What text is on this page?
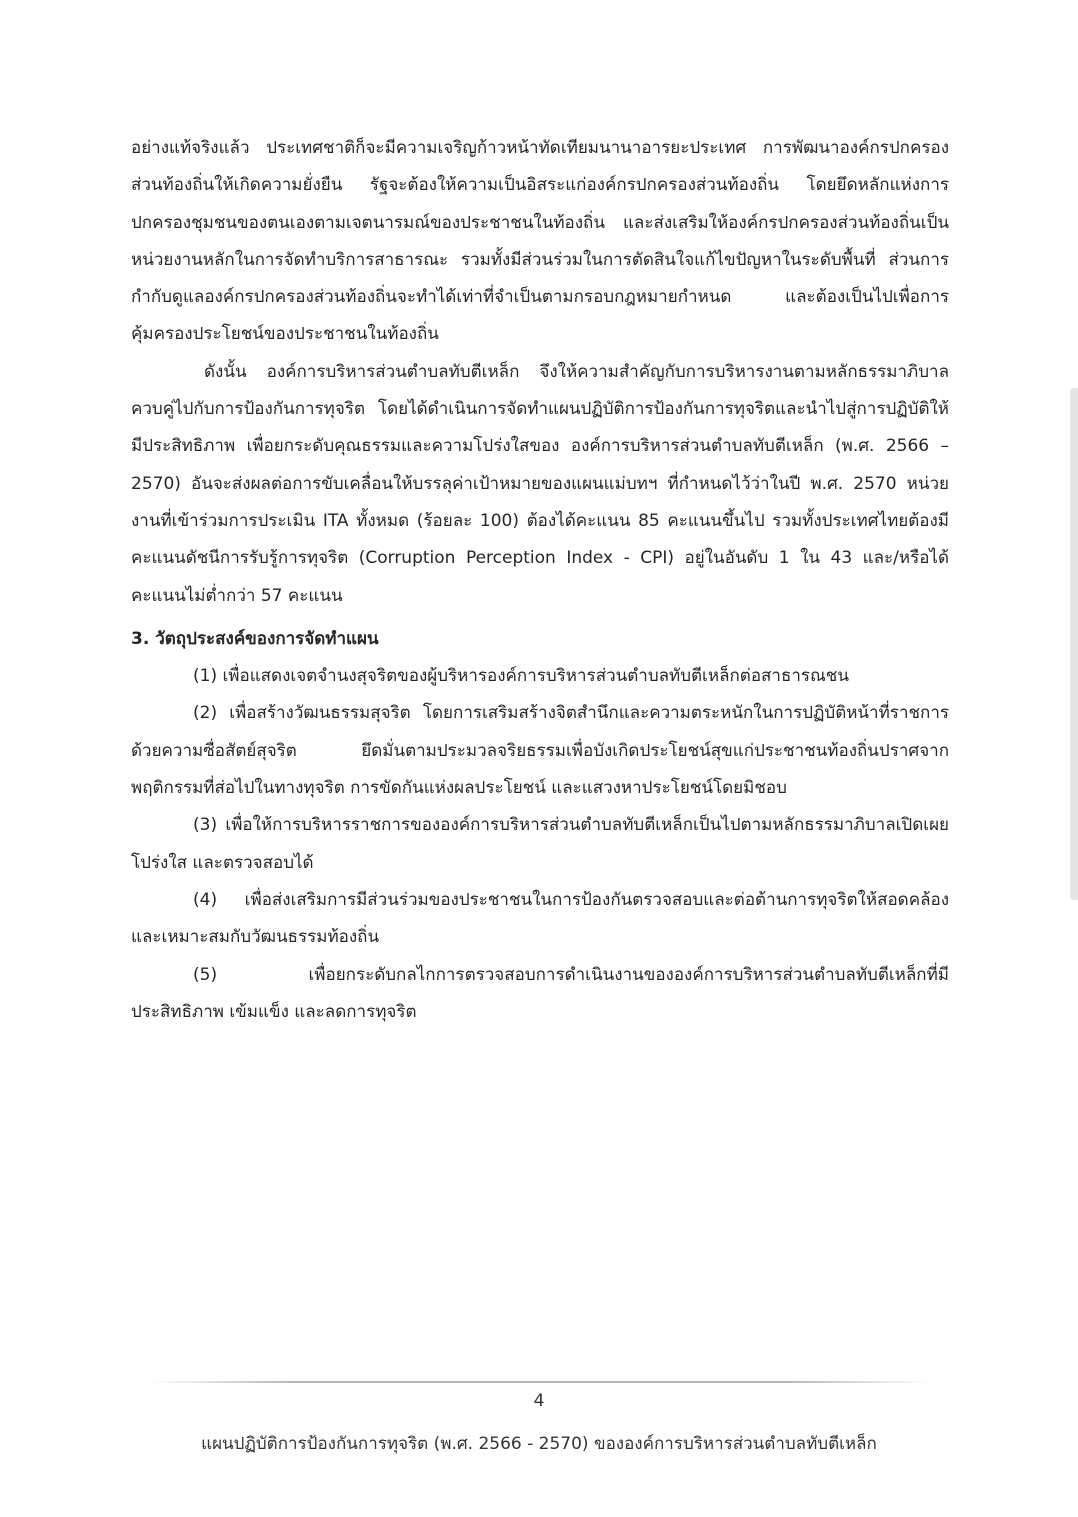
อย่างแท้จริงแล้ว ประเทศชาติก็จะมีความเจริญก้าวหน้าทัดเทียมนานาอารยะประเทศ การพัฒนาองค์กรปกครองส่วนท้องถิ่นให้เกิดความยั่งยืน รัฐจะต้องให้ความเป็นอิสระแก่องค์กรปกครองส่วนท้องถิ่น โดยยึดหลักแห่งการปกครองชุมชนของตนเองตามเจตนารมณ์ของประชาชนในท้องถิ่น และส่งเสริมให้องค์กรปกครองส่วนท้องถิ่นเป็นหน่วยงานหลักในการจัดทำบริการสาธารณะ รวมทั้งมีส่วนร่วมในการตัดสินใจแก้ไขปัญหาในระดับพื้นที่ ส่วนการกำกับดูแลองค์กรปกครองส่วนท้องถิ่นจะทำได้เท่าที่จำเป็นตามกรอบกฎหมายกำหนด และต้องเป็นไปเพื่อการคุ้มครองประโยชน์ของประชาชนในท้องถิ่น

ดังนั้น องค์การบริหารส่วนตำบลทับตีเหล็ก จึงให้ความสำคัญกับการบริหารงานตามหลักธรรมาภิบาลควบคู่ไปกับการป้องกันการทุจริต โดยได้ดำเนินการจัดทำแผนปฏิบัติการป้องกันการทุจริตและนำไปสู่การปฏิบัติให้มีประสิทธิภาพ เพื่อยกระดับคุณธรรมและความโปร่งใสของ องค์การบริหารส่วนตำบลทับตีเหล็ก (พ.ศ. 2566 – 2570) อันจะส่งผลต่อการขับเคลื่อนให้บรรลุค่าเป้าหมายของแผนแม่บทฯ ที่กำหนดไว้ว่าในปี พ.ศ. 2570 หน่วยงานที่เข้าร่วมการประเมิน ITA ทั้งหมด (ร้อยละ 100) ต้องได้คะแนน 85 คะแนนขึ้นไป รวมทั้งประเทศไทยต้องมีคะแนนดัชนีการรับรู้การทุจริต (Corruption Perception Index - CPI) อยู่ในอันดับ 1 ใน 43 และ/หรือได้คะแนนไม่ต่ำกว่า 57 คะแนน

3. วัตถุประสงค์ของการจัดทำแผน

(1) เพื่อแสดงเจตจำนงสุจริตของผู้บริหารองค์การบริหารส่วนตำบลทับตีเหล็กต่อสาธารณชน

(2) เพื่อสร้างวัฒนธรรมสุจริต โดยการเสริมสร้างจิตสำนึกและความตระหนักในการปฏิบัติหน้าที่ราชการด้วยความซื่อสัตย์สุจริต ยึดมั่นตามประมวลจริยธรรมเพื่อบังเกิดประโยชน์สุขแก่ประชาชนท้องถิ่นปราศจากพฤติกรรมที่ส่อไปในทางทุจริต การขัดกันแห่งผลประโยชน์ และแสวงหาประโยชน์โดยมิชอบ

(3) เพื่อให้การบริหารราชการขององค์การบริหารส่วนตำบลทับตีเหล็กเป็นไปตามหลักธรรมาภิบาลเปิดเผย โปร่งใส และตรวจสอบได้

(4) เพื่อส่งเสริมการมีส่วนร่วมของประชาชนในการป้องกันตรวจสอบและต่อต้านการทุจริตให้สอดคล้องและเหมาะสมกับวัฒนธรรมท้องถิ่น

(5) เพื่อยกระดับกลไกการตรวจสอบการดำเนินงานขององค์การบริหารส่วนตำบลทับตีเหล็กที่มีประสิทธิภาพ เข้มแข็ง และลดการทุจริต

4
แผนปฏิบัติการป้องกันการทุจริต (พ.ศ. 2566 - 2570) ขององค์การบริหารส่วนตำบลทับตีเหล็ก
